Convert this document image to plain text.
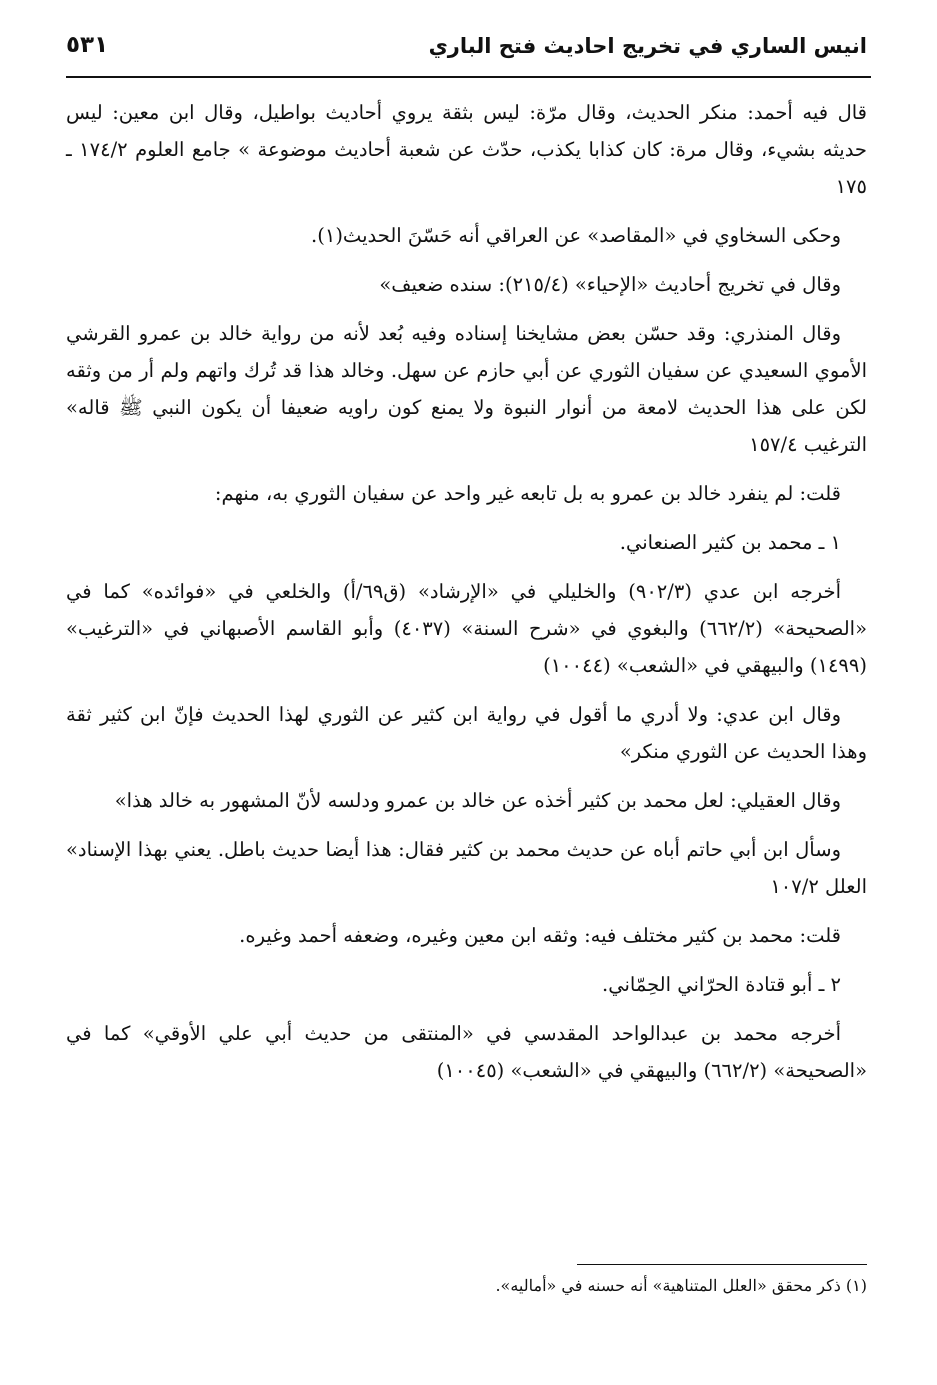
انيس الساري في تخريج احاديث فتح الباري
٥٣١

قال فيه أحمد: منكر الحديث، وقال مرّة: ليس بثقة يروي أحاديث بواطيل، وقال ابن معين: ليس حديثه بشيء، وقال مرة: كان كذابا يكذب، حدّث عن شعبة أحاديث موضوعة » جامع العلوم ١٧٤/٢ ـ ١٧٥

وحكى السخاوي في «المقاصد» عن العراقي أنه حَسّنَ الحديث(١).

وقال في تخريج أحاديث «الإحياء» (٢١٥/٤): سنده ضعيف»

وقال المنذري: وقد حسّن بعض مشايخنا إسناده وفيه بُعد لأنه من رواية خالد بن عمرو القرشي الأموي السعيدي عن سفيان الثوري عن أبي حازم عن سهل. وخالد هذا قد تُرك واتهم ولم أر من وثقه لكن على هذا الحديث لامعة من أنوار النبوة ولا يمنع كون راويه ضعيفا أن يكون النبي ﷺ قاله» الترغيب ١٥٧/٤

قلت: لم ينفرد خالد بن عمرو به بل تابعه غير واحد عن سفيان الثوري به، منهم:

١ ـ محمد بن كثير الصنعاني.

أخرجه ابن عدي (٩٠٢/٣) والخليلي في «الإرشاد» (ق٦٩/أ) والخلعي في «فوائده» كما في «الصحيحة» (٦٦٢/٢) والبغوي في «شرح السنة» (٤٠٣٧) وأبو القاسم الأصبهاني في «الترغيب» (١٤٩٩) والبيهقي في «الشعب» (١٠٠٤٤)

وقال ابن عدي: ولا أدري ما أقول في رواية ابن كثير عن الثوري لهذا الحديث فإنّ ابن كثير ثقة وهذا الحديث عن الثوري منكر»

وقال العقيلي: لعل محمد بن كثير أخذه عن خالد بن عمرو ودلسه لأنّ المشهور به خالد هذا»

وسأل ابن أبي حاتم أباه عن حديث محمد بن كثير فقال: هذا أيضا حديث باطل. يعني بهذا الإسناد» العلل ١٠٧/٢

قلت: محمد بن كثير مختلف فيه: وثقه ابن معين وغيره، وضعفه أحمد وغيره.

٢ ـ أبو قتادة الحرّاني الحِمّاني.

أخرجه محمد بن عبدالواحد المقدسي في «المنتقى من حديث أبي علي الأوقي» كما في «الصحيحة» (٦٦٢/٢) والبيهقي في «الشعب» (١٠٠٤٥)

(١) ذكر محقق «العلل المتناهية» أنه حسنه في «أماليه».
